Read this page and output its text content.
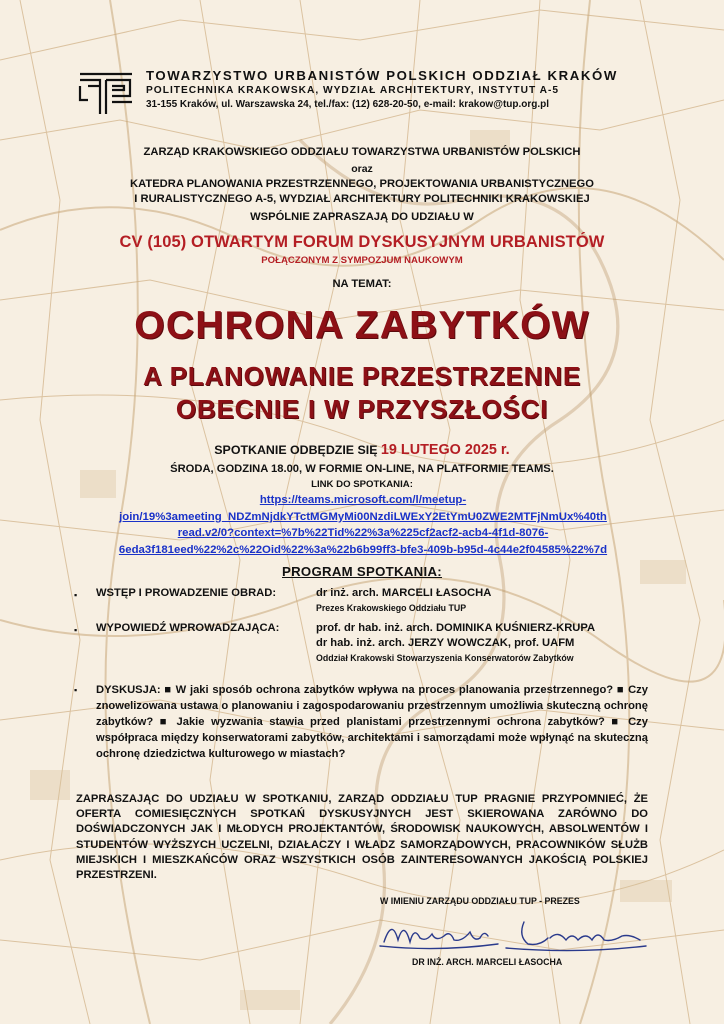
TOWARZYSTWO URBANISTÓW POLSKICH ODDZIAŁ KRAKÓW
POLITECHNIKA KRAKOWSKA, WYDZIAŁ ARCHITEKTURY, INSTYTUT A-5
31-155 Kraków, ul. Warszawska 24, tel./fax: (12) 628-20-50, e-mail: krakow@tup.org.pl
ZARZĄD KRAKOWSKIEGO ODDZIAŁU TOWARZYSTWA URBANISTÓW POLSKICH
oraz
KATEDRA PLANOWANIA PRZESTRZENNEGO, PROJEKTOWANIA URBANISTYCZNEGO
I RURALISTYCZNEGO A-5, WYDZIAŁ ARCHITEKTURY POLITECHNIKI KRAKOWSKIEJ
WSPÓLNIE ZAPRASZAJĄ DO UDZIAŁU W
CV (105) OTWARTYM FORUM DYSKUSYJNYM URBANISTÓW
POŁĄCZONYM Z SYMPOZJUM NAUKOWYM
NA TEMAT:
OCHRONA ZABYTKÓW
A PLANOWANIE PRZESTRZENNE
OBECNIE I W PRZYSZŁOŚCI
SPOTKANIE ODBĘDZIE SIĘ 19 LUTEGO 2025 r.
ŚRODA, GODZINA 18.00, W FORMIE ON-LINE, NA PLATFORMIE TEAMS.
LINK DO SPOTKANIA:
https://teams.microsoft.com/l/meetup-
join/19%3ameeting_NDZmNjdkYTctMGMyMi00NzdiLWExY2EtYmU0ZWE2MTFjNmUx%40th
read.v2/0?context=%7b%22Tid%22%3a%225cf2acf2-acb4-4f1d-8076-
6eda3f181eed%22%2c%22Oid%22%3a%22b6b99ff3-bfe3-409b-b95d-4c44e2f04585%22%7d
PROGRAM SPOTKANIA:
▪ WSTĘP I PROWADZENIE OBRAD:	dr inż. arch. MARCELI ŁASOCHA
Prezes Krakowskiego Oddziału TUP
▪ WYPOWIEDŹ WPROWADZAJĄCA:	prof. dr hab. inż. arch. DOMINIKA KUŚNIERZ-KRUPA
dr hab. inż. arch. JERZY WOWCZAK, prof. UAFM
Oddział Krakowski Stowarzyszenia Konserwatorów Zabytków
▪ DYSKUSJA: ■ W jaki sposób ochrona zabytków wpływa na proces planowania przestrzennego? ■ Czy znowelizowana ustawa o planowaniu i zagospodarowaniu przestrzennym umożliwia skuteczną ochronę zabytków? ■ Jakie wyzwania stawia przed planistami przestrzennymi ochrona zabytków? ■ Czy współpraca między konserwatorami zabytków, architektami i samorządami może wpłynąć na skuteczną ochronę dziedzictwa kulturowego w miastach?
ZAPRASZAJĄC DO UDZIAŁU W SPOTKANIU, ZARZĄD ODDZIAŁU TUP PRAGNIE PRZYPOMNIEĆ, ŻE OFERTA COMIESIĘCZNYCH SPOTKAŃ DYSKUSYJNYCH JEST SKIEROWANA ZARÓWNO DO DOŚWIADCZONYCH JAK I MŁODYCH PROJEKTANTÓW, ŚRODOWISK NAUKOWYCH, ABSOLWENTÓW I STUDENTÓW WYŻSZYCH UCZELNI, DZIAŁACZY I WŁADZ SAMORZĄDOWYCH, PRACOWNIKÓW SŁUŻB MIEJSKICH I MIESZKAŃCÓW ORAZ WSZYSTKICH OSÓB ZAINTERESOWANYCH JAKOŚCIĄ POLSKIEJ PRZESTRZENI.
W IMIENIU ZARZĄDU ODDZIAŁU TUP - PREZES
DR INŻ. ARCH. MARCELI ŁASOCHA
